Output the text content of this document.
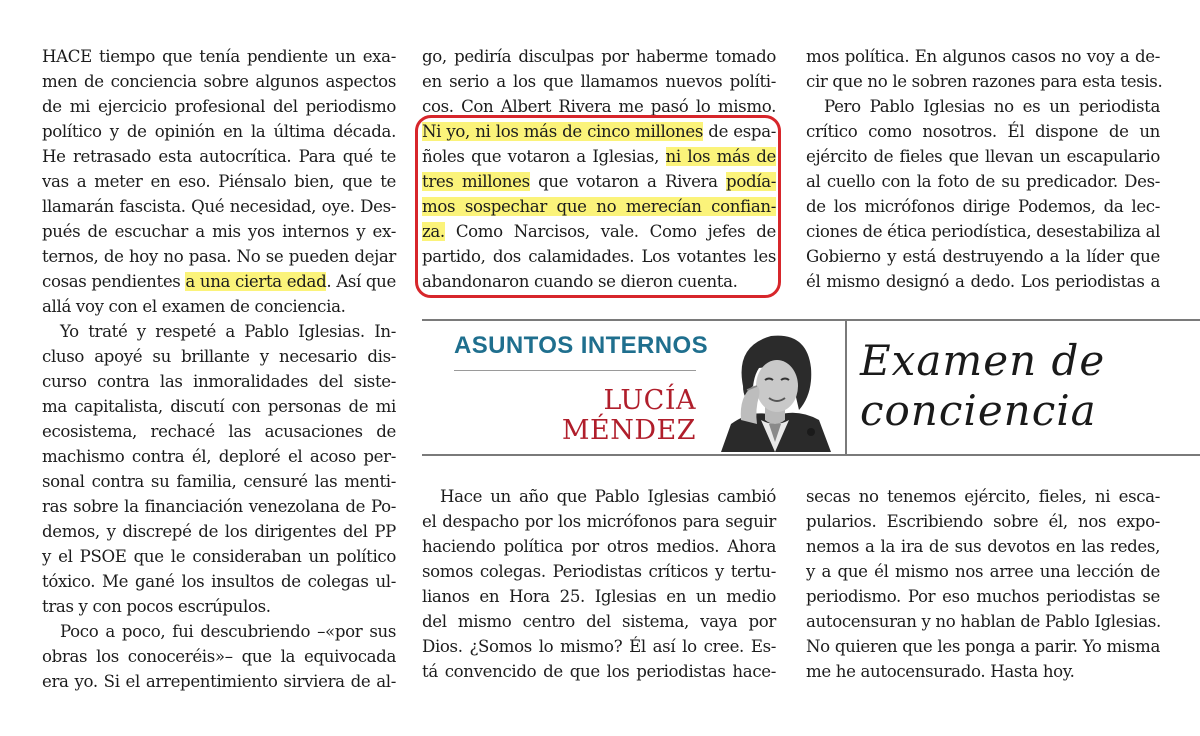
HACE tiempo que tenía pendiente un exa-
men de conciencia sobre algunos aspectos
de mi ejercicio profesional del periodismo
político y de opinión en la última década.
He retrasado esta autocrítica. Para qué te
vas a meter en eso. Piénsalo bien, que te
llamarán fascista. Qué necesidad, oye. Des-
pués de escuchar a mis yos internos y ex-
ternos, de hoy no pasa. No se pueden dejar
cosas pendientes a una cierta edad. Así que
allá voy con el examen de conciencia.
Yo traté y respeté a Pablo Iglesias. In-
cluso apoyé su brillante y necesario dis-
curso contra las inmoralidades del siste-
ma capitalista, discutí con personas de mi
ecosistema, rechacé las acusaciones de
machismo contra él, deploré el acoso per-
sonal contra su familia, censuré las menti-
ras sobre la financiación venezolana de Po-
demos, y discrepé de los dirigentes del PP
y el PSOE que le consideraban un político
tóxico. Me gané los insultos de colegas ul-
tras y con pocos escrúpulos.
Poco a poco, fui descubriendo –«por sus
obras los conoceréis»– que la equivocada
era yo. Si el arrepentimiento sirviera de al-
go, pediría disculpas por haberme tomado
en serio a los que llamamos nuevos políti-
cos. Con Albert Rivera me pasó lo mismo.
Ni yo, ni los más de cinco millones de espa-
ñoles que votaron a Iglesias, ni los más de
tres millones que votaron a Rivera podía-
mos sospechar que no merecían confian-
za. Como Narcisos, vale. Como jefes de
partido, dos calamidades. Los votantes les
abandonaron cuando se dieron cuenta.
mos política. En algunos casos no voy a de-
cir que no le sobren razones para esta tesis.
Pero Pablo Iglesias no es un periodista
crítico como nosotros. Él dispone de un
ejército de fieles que llevan un escapulario
al cuello con la foto de su predicador. Des-
de los micrófonos dirige Podemos, da lec-
ciones de ética periodística, desestabiliza al
Gobierno y está destruyendo a la líder que
él mismo designó a dedo. Los periodistas a
ASUNTOS INTERNOS
LUCÍA
MÉNDEZ
Examen de
conciencia
Hace un año que Pablo Iglesias cambió
el despacho por los micrófonos para seguir
haciendo política por otros medios. Ahora
somos colegas. Periodistas críticos y tertu-
lianos en Hora 25. Iglesias en un medio
del mismo centro del sistema, vaya por
Dios. ¿Somos lo mismo? Él así lo cree. Es-
tá convencido de que los periodistas hace-
secas no tenemos ejército, fieles, ni esca-
pularios. Escribiendo sobre él, nos expo-
nemos a la ira de sus devotos en las redes,
y a que él mismo nos arree una lección de
periodismo. Por eso muchos periodistas se
autocensuran y no hablan de Pablo Iglesias.
No quieren que les ponga a parir. Yo misma
me he autocensurado. Hasta hoy.
